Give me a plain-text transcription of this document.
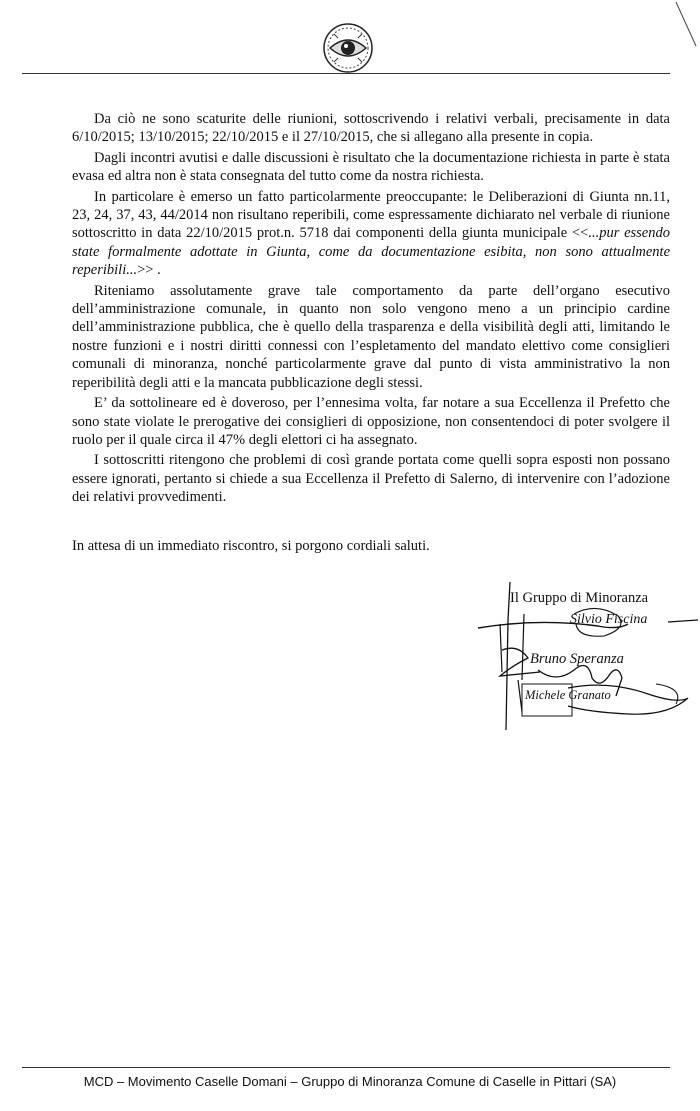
Da ciò ne sono scaturite delle riunioni, sottoscrivendo i relativi verbali, precisamente in data 6/10/2015; 13/10/2015; 22/10/2015 e il 27/10/2015, che si allegano alla presente in copia.

Dagli incontri avutisi e dalle discussioni è risultato che la documentazione richiesta in parte è stata evasa ed altra non è stata consegnata del tutto come da nostra richiesta.

In particolare è emerso un fatto particolarmente preoccupante: le Deliberazioni di Giunta nn.11, 23, 24, 37, 43, 44/2014 non risultano reperibili, come espressamente dichiarato nel verbale di riunione sottoscritto in data 22/10/2015 prot.n. 5718 dai componenti della giunta municipale <<...pur essendo state formalmente adottate in Giunta, come da documentazione esibita, non sono attualmente reperibili...>> .

Riteniamo assolutamente grave tale comportamento da parte dell’organo esecutivo dell’amministrazione comunale, in quanto non solo vengono meno a un principio cardine dell’amministrazione pubblica, che è quello della trasparenza e della visibilità degli atti, limitando le nostre funzioni e i nostri diritti connessi con l’espletamento del mandato elettivo come consiglieri comunali di minoranza, nonché particolarmente grave dal punto di vista amministrativo la non reperibilità degli atti e la mancata pubblicazione degli stessi.

E’ da sottolineare ed è doveroso, per l’ennesima volta, far notare a sua Eccellenza il Prefetto che sono state violate le prerogative dei consiglieri di opposizione, non consentendoci di poter svolgere il ruolo per il quale circa il 47% degli elettori ci ha assegnato.

I sottoscritti ritengono che problemi di così grande portata come quelli sopra esposti non possano essere ignorati, pertanto si chiede a sua Eccellenza il Prefetto di Salerno, di intervenire con l’adozione dei relativi provvedimenti.

In attesa di un immediato riscontro, si porgono cordiali saluti.
Il Gruppo di Minoranza
Silvio Fiscina
Bruno Speranza
Michele Granato
MCD – Movimento Caselle Domani – Gruppo di Minoranza Comune di Caselle in Pittari (SA)
